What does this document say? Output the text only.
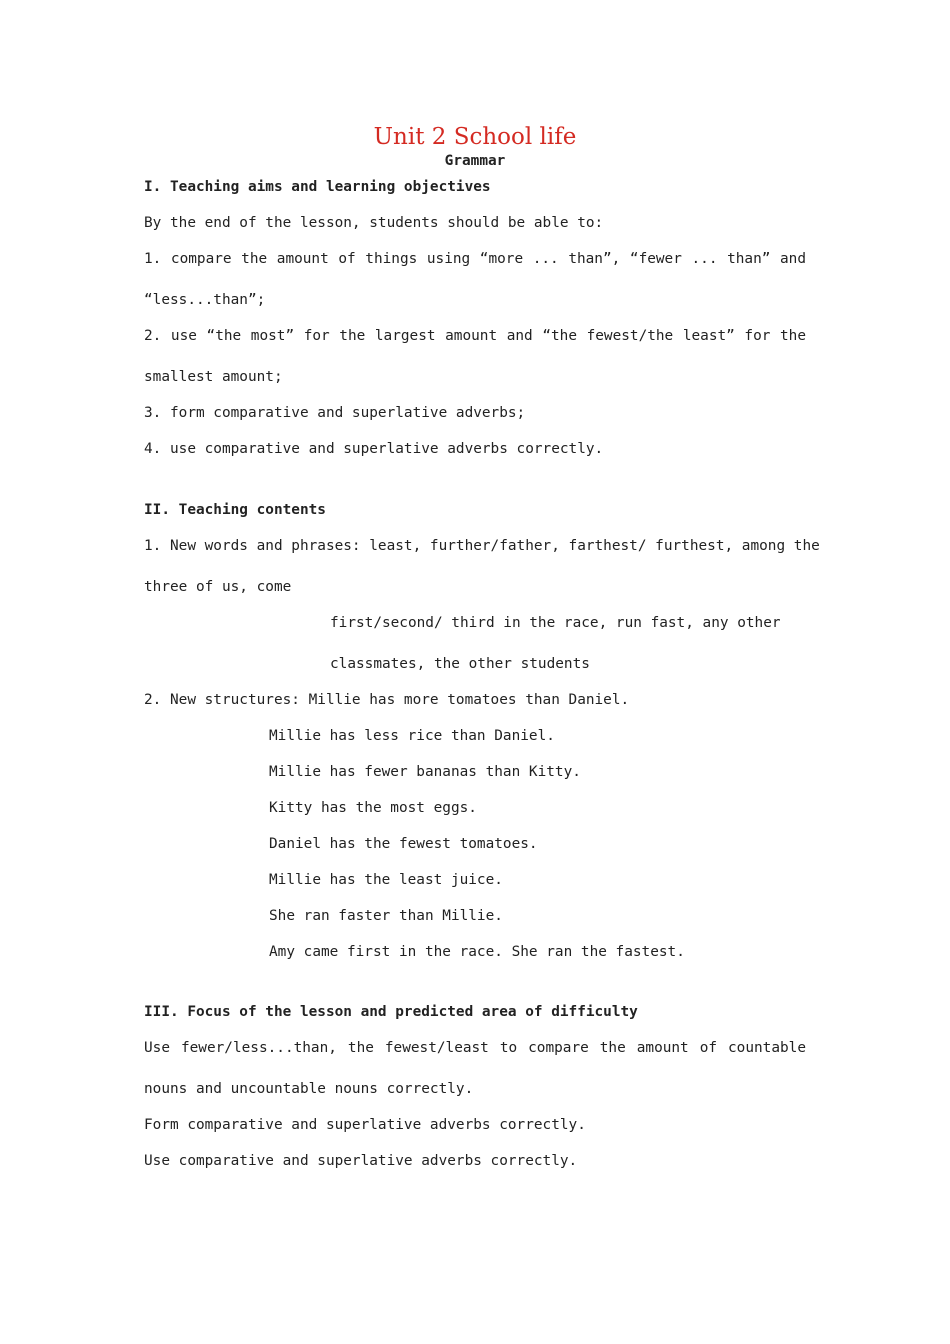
Unit 2 School life
Grammar
I. Teaching aims and learning objectives
By the end of the lesson, students should be able to:
1. compare the amount of things using “more ... than”, “fewer ... than” and
“less...than”;
2. use “the most” for the largest amount and “the fewest/the least” for the
smallest amount;
3. form comparative and superlative adverbs;
4. use comparative and superlative adverbs correctly.
II. Teaching contents
1. New words and phrases: least, further/father, farthest/ furthest, among the
three of us, come
first/second/ third in the race, run fast, any other
classmates, the other students
2. New structures: Millie has more tomatoes than Daniel.
Millie has less rice than Daniel.
Millie has fewer bananas than Kitty.
Kitty has the most eggs.
Daniel has the fewest tomatoes.
Millie has the least juice.
She ran faster than Millie.
Amy came first in the race. She ran the fastest.
III. Focus of the lesson and predicted area of difficulty
Use fewer/less...than, the fewest/least to compare the amount of countable
nouns and uncountable nouns correctly.
Form comparative and superlative adverbs correctly.
Use comparative and superlative adverbs correctly.
